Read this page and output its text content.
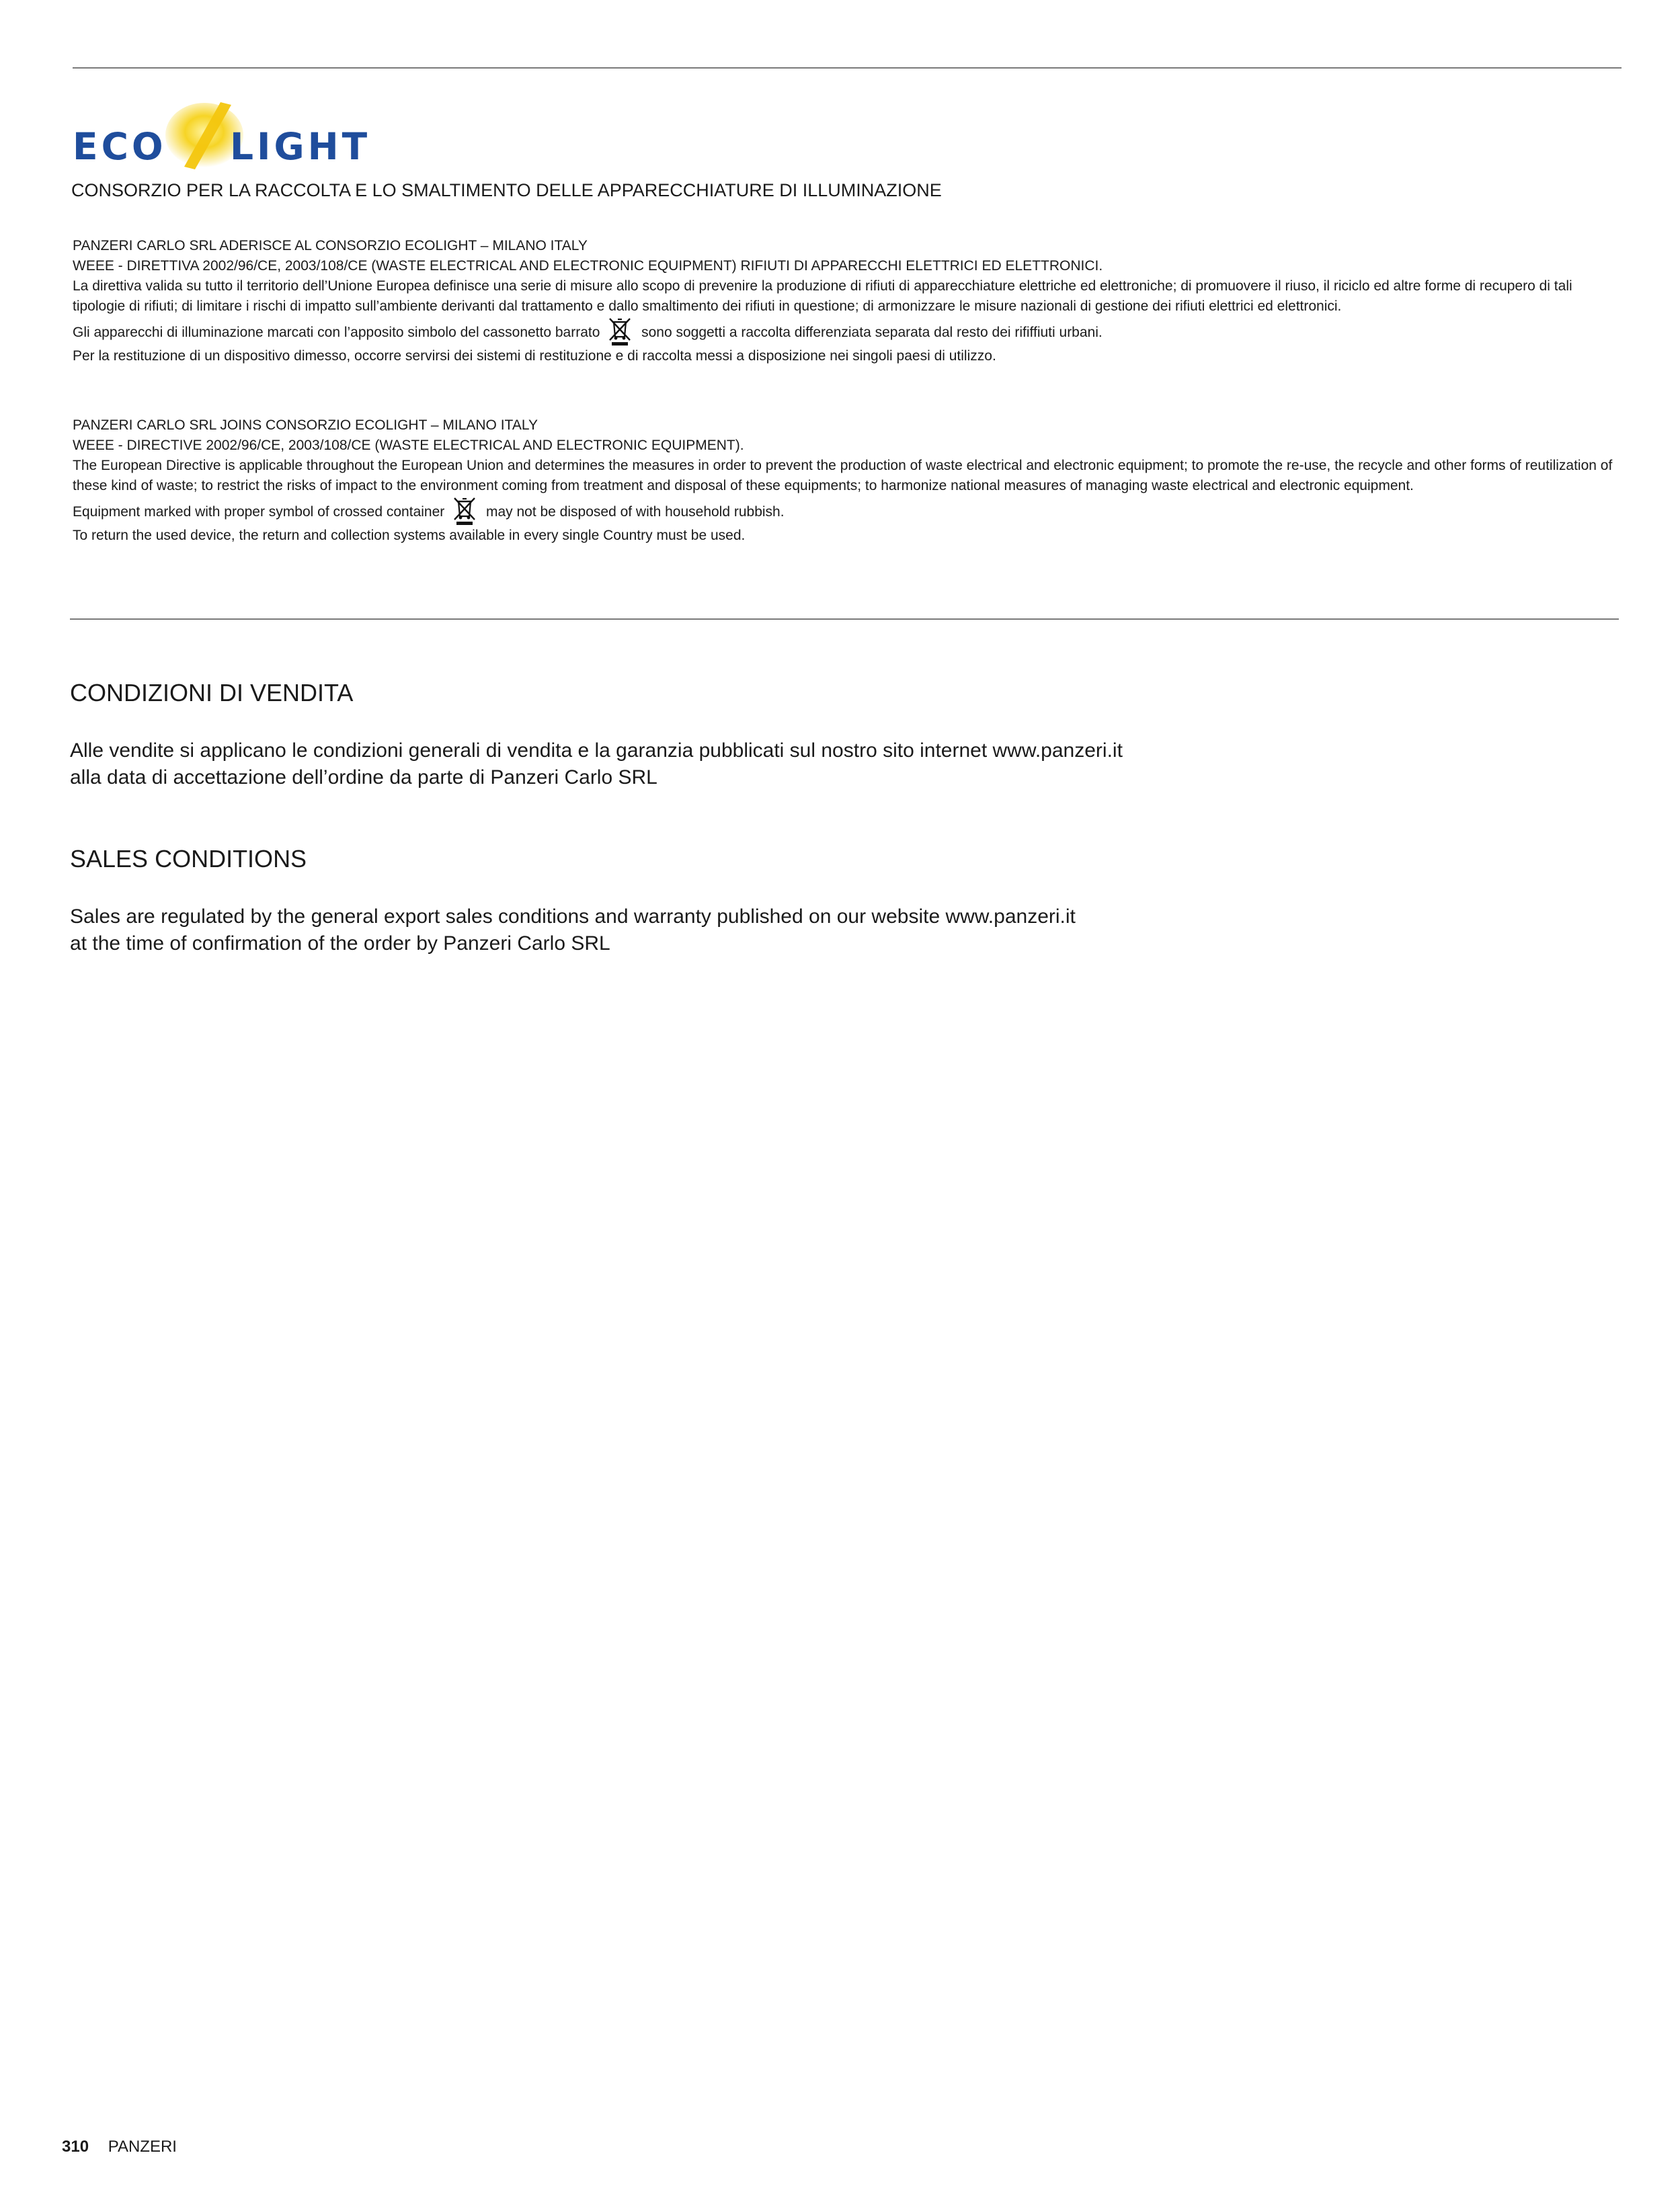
ECO LIGHT
CONSORZIO PER LA RACCOLTA E LO SMALTIMENTO DELLE APPARECCHIATURE DI ILLUMINAZIONE

PANZERI CARLO SRL ADERISCE AL CONSORZIO ECOLIGHT – MILANO ITALY

WEEE - DIRETTIVA 2002/96/CE, 2003/108/CE (WASTE ELECTRICAL AND ELECTRONIC EQUIPMENT) RIFIUTI DI APPARECCHI ELETTRICI ED ELETTRONICI.

La direttiva valida su tutto il territorio dell’Unione Europea definisce una serie di misure allo scopo di prevenire la produzione di rifiuti di apparecchiature elettriche ed elettroniche; di promuovere il riuso, il riciclo ed altre forme di recupero di tali tipologie di rifiuti; di limitare i rischi di impatto sull’ambiente derivanti dal trattamento e dallo smaltimento dei rifiuti in questione; di armonizzare le misure nazionali di gestione dei rifiuti elettrici ed elettronici.

Gli apparecchi di illuminazione marcati con l’apposito simbolo del cassonetto barrato	sono soggetti a raccolta differenziata separata dal resto dei rififfiuti urbani.

Per la restituzione di un dispositivo dimesso, occorre servirsi dei sistemi di restituzione e di raccolta messi a disposizione nei singoli paesi di utilizzo.

PANZERI CARLO SRL JOINS CONSORZIO ECOLIGHT – MILANO ITALY

WEEE - DIRECTIVE 2002/96/CE, 2003/108/CE (WASTE ELECTRICAL AND ELECTRONIC EQUIPMENT).

The European Directive is applicable throughout the European Union and determines the measures in order to prevent the production of waste electrical and electronic equipment; to promote the re-use, the recycle and other forms of reutilization of these kind of waste; to restrict the risks of impact to the environment coming from treatment and disposal of these equipments; to harmonize national measures of managing waste electrical and electronic equipment.

Equipment marked with proper symbol of crossed container	may not be disposed of with household rubbish.

To return the used device, the return and collection systems available in every single Country must be used.

CONDIZIONI DI VENDITA

Alle vendite si applicano le condizioni generali di vendita e la garanzia pubblicati sul nostro sito internet www.panzeri.it

alla data di accettazione dell’ordine da parte di Panzeri Carlo SRL

SALES CONDITIONS

Sales are regulated by the general export sales conditions and warranty published on our website www.panzeri.it

at the time of confirmation of the order by Panzeri Carlo SRL

310 PANZERI
